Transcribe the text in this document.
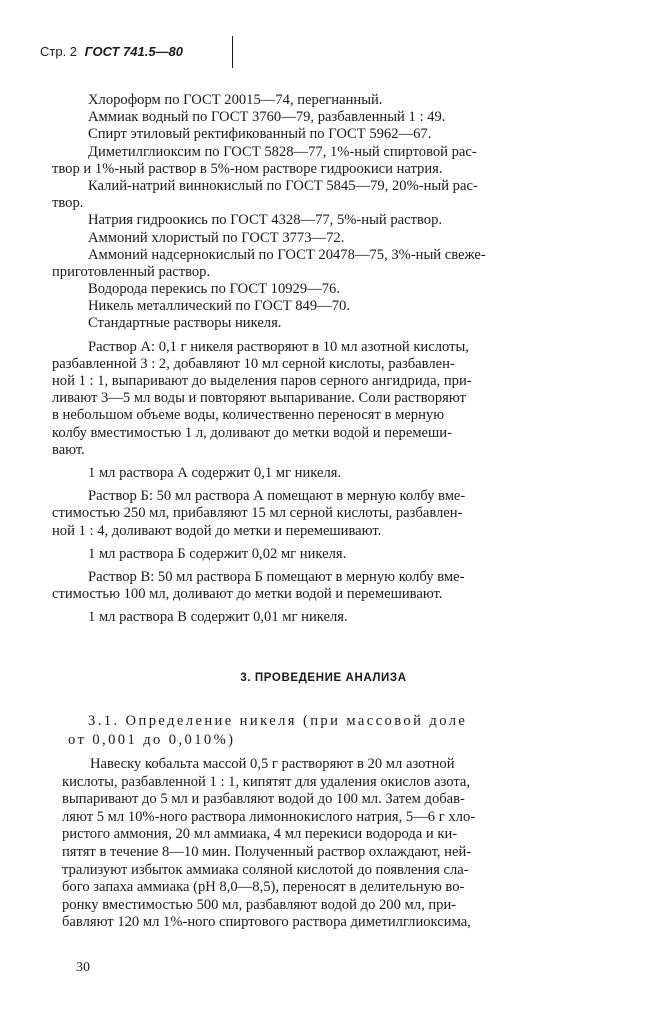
Стр. 2 ГОСТ 741.5—80
Хлороформ по ГОСТ 20015—74, перегнанный.
Аммиак водный по ГОСТ 3760—79, разбавленный 1 : 49.
Спирт этиловый ректификованный по ГОСТ 5962—67.
Диметилглиоксим по ГОСТ 5828—77, 1%-ный спиртовой рас-
твор и 1%-ный раствор в 5%-ном растворе гидроокиси натрия.
Калий-натрий виннокислый по ГОСТ 5845—79, 20%-ный рас-
твор.
Натрия гидроокись по ГОСТ 4328—77, 5%-ный раствор.
Аммоний хлористый по ГОСТ 3773—72.
Аммоний надсернокислый по ГОСТ 20478—75, 3%-ный свеже-
приготовленный раствор.
Водорода перекись по ГОСТ 10929—76.
Никель металлический по ГОСТ 849—70.
Стандартные растворы никеля.
Раствор А: 0,1 г никеля растворяют в 10 мл азотной кислоты,
разбавленной 3 : 2, добавляют 10 мл серной кислоты, разбавлен-
ной 1 : 1, выпаривают до выделения паров серного ангидрида, при-
ливают 3—5 мл воды и повторяют выпаривание. Соли растворяют
в небольшом объеме воды, количественно переносят в мерную
колбу вместимостью 1 л, доливают до метки водой и перемеши-
вают.
1 мл раствора А содержит 0,1 мг никеля.
Раствор Б: 50 мл раствора А помещают в мерную колбу вме-
стимостью 250 мл, прибавляют 15 мл серной кислоты, разбавлен-
ной 1 : 4, доливают водой до метки и перемешивают.
1 мл раствора Б содержит 0,02 мг никеля.
Раствор В: 50 мл раствора Б помещают в мерную колбу вме-
стимостью 100 мл, доливают до метки водой и перемешивают.
1 мл раствора В содержит 0,01 мг никеля.
3. ПРОВЕДЕНИЕ АНАЛИЗА
3.1. Определение никеля (при массовой доле
от 0,001 до 0,010%)
Навеску кобальта массой 0,5 г растворяют в 20 мл азотной
кислоты, разбавленной 1 : 1, кипятят для удаления окислов азота,
выпаривают до 5 мл и разбавляют водой до 100 мл. Затем добав-
ляют 5 мл 10%-ного раствора лимоннокислого натрия, 5—6 г хло-
ристого аммония, 20 мл аммиака, 4 мл перекиси водорода и ки-
пятят в течение 8—10 мин. Полученный раствор охлаждают, ней-
трализуют избыток аммиака соляной кислотой до появления сла-
бого запаха аммиака (рН 8,0—8,5), переносят в делительную во-
ронку вместимостью 500 мл, разбавляют водой до 200 мл, при-
бавляют 120 мл 1%-ного спиртового раствора диметилглиоксима,
30
